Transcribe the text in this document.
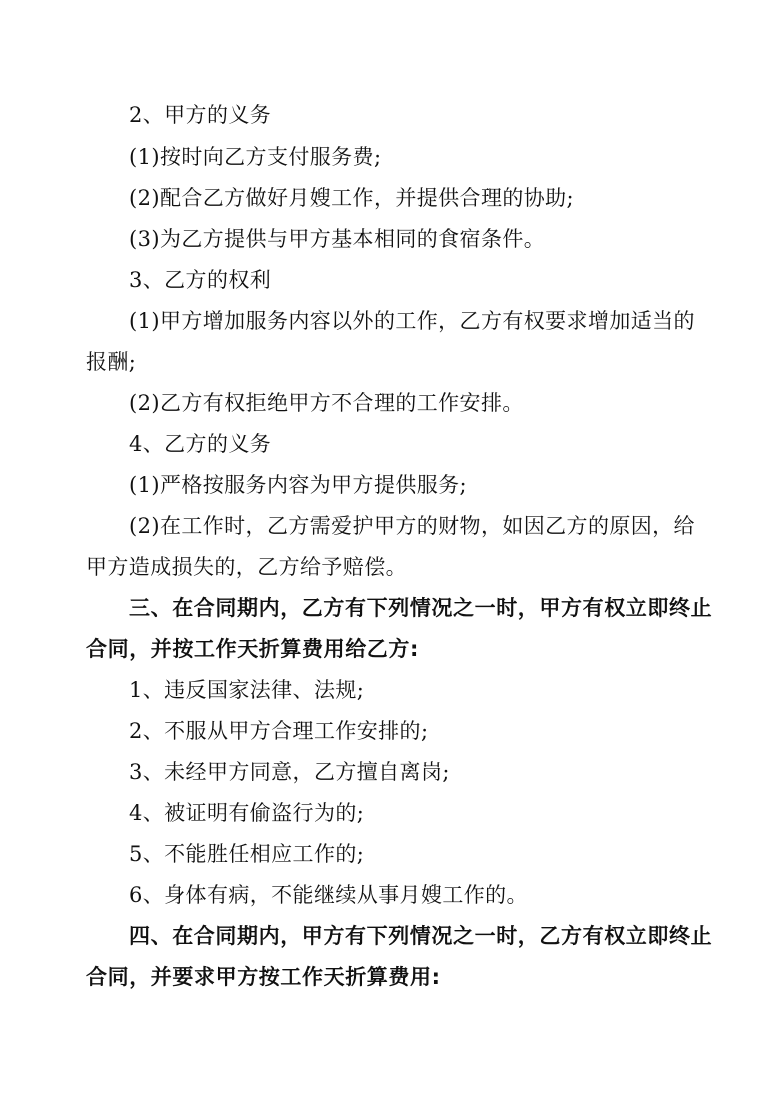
2、甲方的义务
(1)按时向乙方支付服务费;
(2)配合乙方做好月嫂工作，并提供合理的协助;
(3)为乙方提供与甲方基本相同的食宿条件。
3、乙方的权利
(1)甲方增加服务内容以外的工作，乙方有权要求增加适当的
报酬;
(2)乙方有权拒绝甲方不合理的工作安排。
4、乙方的义务
(1)严格按服务内容为甲方提供服务;
(2)在工作时，乙方需爱护甲方的财物，如因乙方的原因，给
甲方造成损失的，乙方给予赔偿。
三、在合同期内，乙方有下列情况之一时，甲方有权立即终止
合同，并按工作天折算费用给乙方:
1、违反国家法律、法规;
2、不服从甲方合理工作安排的;
3、未经甲方同意，乙方擅自离岗;
4、被证明有偷盗行为的;
5、不能胜任相应工作的;
6、身体有病，不能继续从事月嫂工作的。
四、在合同期内，甲方有下列情况之一时，乙方有权立即终止
合同，并要求甲方按工作天折算费用:
